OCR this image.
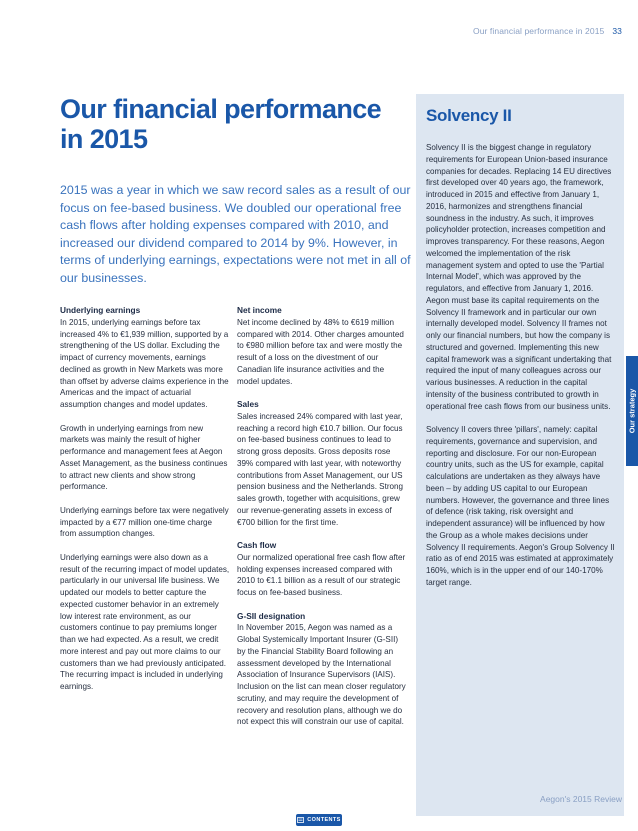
Our financial performance in 2015 33
Our financial performance in 2015

2015 was a year in which we saw record sales as a result of our focus on fee-based business. We doubled our operational free cash flows after holding expenses compared with 2010, and increased our dividend compared to 2014 by 9%. However, in terms of underlying earnings, expectations were not met in all of our businesses.

Underlying earnings

In 2015, underlying earnings before tax increased 4% to €1,939 million, supported by a strengthening of the US dollar. Excluding the impact of currency movements, earnings declined as growth in New Markets was more than offset by adverse claims experience in the Americas and the impact of actuarial assumption changes and model updates.

Growth in underlying earnings from new markets was mainly the result of higher performance and management fees at Aegon Asset Management, as the business continues to attract new clients and show strong performance.

Underlying earnings before tax were negatively impacted by a €77 million one-time charge from assumption changes.

Underlying earnings were also down as a result of the recurring impact of model updates, particularly in our universal life business. We updated our models to better capture the expected customer behavior in an extremely low interest rate environment, as our customers continue to pay premiums longer than we had expected. As a result, we credit more interest and pay out more claims to our customers than we had previously anticipated. The recurring impact is included in underlying earnings.

Net income

Net income declined by 48% to €619 million compared with 2014. Other charges amounted to €980 million before tax and were mostly the result of a loss on the divestment of our Canadian life insurance activities and the model updates.

Sales

Sales increased 24% compared with last year, reaching a record high €10.7 billion. Our focus on fee-based business continues to lead to strong gross deposits. Gross deposits rose 39% compared with last year, with noteworthy contributions from Asset Management, our US pension business and the Netherlands. Strong sales growth, together with acquisitions, grew our revenue-generating assets in excess of €700 billion for the first time.

Cash flow

Our normalized operational free cash flow after holding expenses increased compared with 2010 to €1.1 billion as a result of our strategic focus on fee-based business.

G-SII designation

In November 2015, Aegon was named as a Global Systemically Important Insurer (G-SII) by the Financial Stability Board following an assessment developed by the International Association of Insurance Supervisors (IAIS). Inclusion on the list can mean closer regulatory scrutiny, and may require the development of recovery and resolution plans, although we do not expect this will constrain our use of capital.

Solvency II

Solvency II is the biggest change in regulatory requirements for European Union-based insurance companies for decades. Replacing 14 EU directives first developed over 40 years ago, the framework, introduced in 2015 and effective from January 1, 2016, harmonizes and strengthens financial soundness in the industry. As such, it improves policyholder protection, increases competition and improves transparency. For these reasons, Aegon welcomed the implementation of the risk management system and opted to use the 'Partial Internal Model', which was approved by the regulators, and effective from January 1, 2016. Aegon must base its capital requirements on the Solvency II framework and in particular our own internally developed model. Solvency II frames not only our financial numbers, but how the company is structured and governed. Implementing this new capital framework was a significant undertaking that required the input of many colleagues across our various businesses. A reduction in the capital intensity of the business contributed to growth in operational free cash flows from our business units.

Solvency II covers three 'pillars', namely: capital requirements, governance and supervision, and reporting and disclosure. For our non-European country units, such as the US for example, capital calculations are undertaken as they always have been – by adding US capital to our European numbers. However, the governance and three lines of defence (risk taking, risk oversight and independent assurance) will be influenced by how the Group as a whole makes decisions under Solvency II requirements. Aegon's Group Solvency II ratio as of end 2015 was estimated at approximately 160%, which is in the upper end of our 140-170% target range.

Our strategy
Aegon's 2015 Review
CONTENTS
